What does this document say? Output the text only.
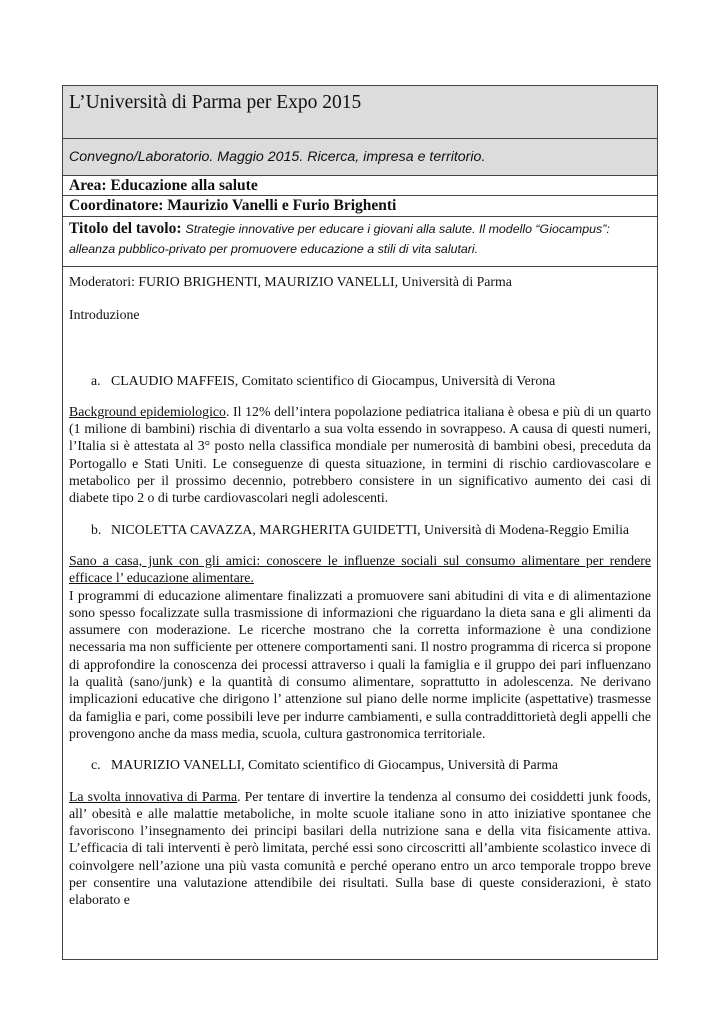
L’Università di Parma per Expo 2015
Convegno/Laboratorio. Maggio 2015. Ricerca, impresa e territorio.
Area: Educazione alla salute
Coordinatore: Maurizio Vanelli e Furio Brighenti
Titolo del tavolo: Strategie innovative per educare i giovani alla salute. Il modello “Giocampus”: alleanza pubblico-privato per promuovere educazione a stili di vita salutari.

Moderatori: FURIO BRIGHENTI, MAURIZIO VANELLI, Università di Parma

Introduzione

a. CLAUDIO MAFFEIS, Comitato scientifico di Giocampus, Università di Verona

Background epidemiologico. Il 12% dell’intera popolazione pediatrica italiana è obesa e più di un quarto (1 milione di bambini) rischia di diventarlo a sua volta essendo in sovrappeso. A causa di questi numeri, l’Italia si è attestata al 3° posto nella classifica mondiale per numerosità di bambini obesi, preceduta da Portogallo e Stati Uniti. Le conseguenze di questa situazione, in termini di rischio cardiovascolare e metabolico per il prossimo decennio, potrebbero consistere in un significativo aumento dei casi di diabete tipo 2 o di turbe cardiovascolari negli adolescenti.

b. NICOLETTA CAVAZZA, MARGHERITA GUIDETTI, Università di Modena-Reggio Emilia

Sano a casa, junk con gli amici: conoscere le influenze sociali sul consumo alimentare per rendere efficace l’ educazione alimentare.

I programmi di educazione alimentare finalizzati a promuovere sani abitudini di vita e di alimentazione sono spesso focalizzate sulla trasmissione di informazioni che riguardano la dieta sana e gli alimenti da assumere con moderazione. Le ricerche mostrano che la corretta informazione è una condizione necessaria ma non sufficiente per ottenere comportamenti sani. Il nostro programma di ricerca si propone di approfondire la conoscenza dei processi attraverso i quali la famiglia e il gruppo dei pari influenzano la qualità (sano/junk) e la quantità di consumo alimentare, soprattutto in adolescenza. Ne derivano implicazioni educative che dirigono l’ attenzione sul piano delle norme implicite (aspettative) trasmesse da famiglia e pari, come possibili leve per indurre cambiamenti, e sulla contraddittorietà degli appelli che provengono anche da mass media, scuola, cultura gastronomica territoriale.

c. MAURIZIO VANELLI, Comitato scientifico di Giocampus, Università di Parma

La svolta innovativa di Parma. Per tentare di invertire la tendenza al consumo dei cosiddetti junk foods, all’ obesità e alle malattie metaboliche, in molte scuole italiane sono in atto iniziative spontanee che favoriscono l’insegnamento dei principi basilari della nutrizione sana e della vita fisicamente attiva. L’efficacia di tali interventi è però limitata, perché essi sono circoscritti all’ambiente scolastico invece di coinvolgere nell’azione una più vasta comunità e perché operano entro un arco temporale troppo breve per consentire una valutazione attendibile dei risultati. Sulla base di queste considerazioni, è stato elaborato e
